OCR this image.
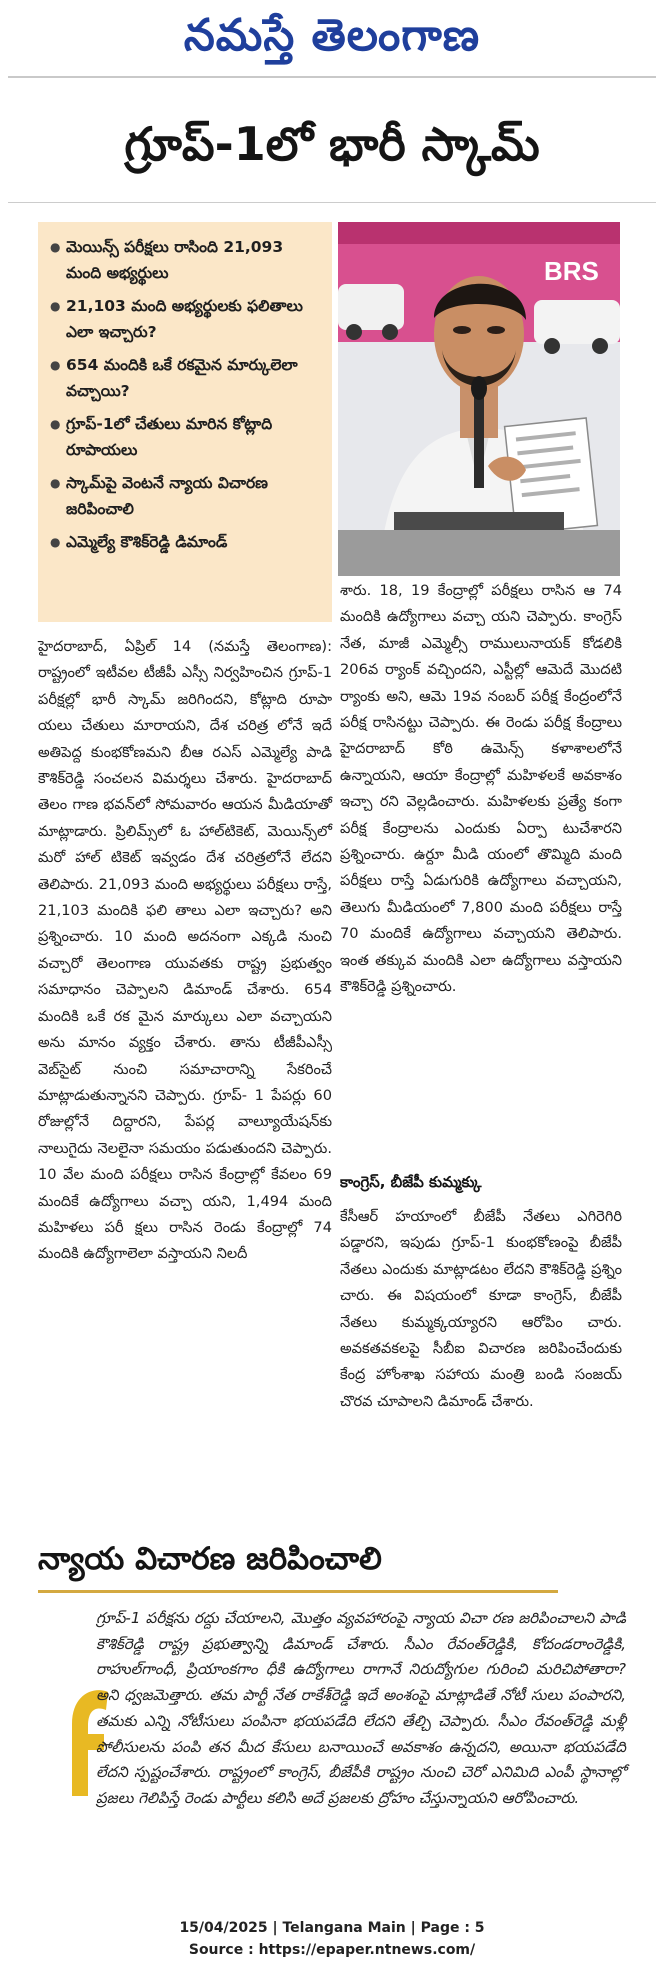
నమస్తే తెలంగాణ
గ్రూప్-1లో భారీ స్కామ్
● మెయిన్స్ పరీక్షలు రాసింది 21,093 మంది అభ్యర్థులు
● 21,103 మంది అభ్యర్థులకు ఫలితాలు ఎలా ఇచ్చారు?
● 654 మందికి ఒకే రకమైన మార్కులెలా వచ్చాయి?
● గ్రూప్-1లో చేతులు మారిన కోట్లాది రూపాయలు
● స్కామ్‌పై వెంటనే న్యాయ విచారణ జరిపించాలి
● ఎమ్మెల్యే కౌశిక్‌రెడ్డి డిమాండ్
BRS

హైదరాబాద్, ఏప్రిల్ 14 (నమస్తే తెలంగాణ): రాష్ట్రంలో ఇటీవల టీజీపీ ఎస్సీ నిర్వహించిన గ్రూప్-1 పరీక్షల్లో భారీ స్కామ్ జరిగిందని, కోట్లాది రూపా యలు చేతులు మారాయని, దేశ చరిత్ర లోనే ఇదే అతిపెద్ద కుంభకోణమని బీఆ రఎస్ ఎమ్మెల్యే పాడి కౌశిక్‌రెడ్డి సంచలన విమర్శలు చేశారు. హైదరాబాద్ తెలం గాణ భవన్‌లో సోమవారం ఆయన మీడియాతో మాట్లాడారు. ప్రిలిమ్స్‌లో ఓ హాల్‌టికెట్, మెయిన్స్‌లో మరో హాల్ టికెట్ ఇవ్వడం దేశ చరిత్రలోనే లేదని తెలిపారు. 21,093 మంది అభ్యర్థులు పరీక్షలు రాస్తే, 21,103 మందికి ఫలి తాలు ఎలా ఇచ్చారు? అని ప్రశ్నించారు. 10 మంది అదనంగా ఎక్కడి నుంచి వచ్చారో తెలంగాణ యువతకు రాష్ట్ర ప్రభుత్వం సమాధానం చెప్పాలని డిమాండ్ చేశారు. 654 మందికి ఒకే రక మైన మార్కులు ఎలా వచ్చాయని అను మానం వ్యక్తం చేశారు. తాను టీజీపీఎస్సీ వెబ్‌సైట్ నుంచి సమాచారాన్ని సేకరించే మాట్లాడుతున్నానని చెప్పారు. గ్రూప్- 1 పేపర్లు 60 రోజుల్లోనే దిద్దారని, పేపర్ల వాల్యూయేషన్‌కు నాలుగైదు నెలలైనా సమయం పడుతుందని చెప్పారు. 10 వేల మంది పరీక్షలు రాసిన కేంద్రాల్లో కేవలం 69 మందికే ఉద్యోగాలు వచ్చా యని, 1,494 మంది మహిళలు పరీ క్షలు రాసిన రెండు కేంద్రాల్లో 74 మందికి ఉద్యోగాలెలా వస్తాయని నిలదీ

శారు. 18, 19 కేంద్రాల్లో పరీక్షలు రాసిన ఆ 74 మందికి ఉద్యోగాలు వచ్చా యని చెప్పారు. కాంగ్రెస్ నేత, మాజీ ఎమ్మెల్సీ రాములునాయక్ కోడలికి 206వ ర్యాంక్ వచ్చిందని, ఎస్టీల్లో ఆమెదే మొదటి ర్యాంకు అని, ఆమె 19వ నంబర్ పరీక్ష కేంద్రంలోనే పరీక్ష రాసినట్టు చెప్పారు. ఈ రెండు పరీక్ష కేంద్రాలు హైదరాబాద్ కోఠి ఉమెన్స్ కళాశాలలోనే ఉన్నాయని, ఆయా కేంద్రాల్లో మహిళలకే అవకాశం ఇచ్చా రని వెల్లడించారు. మహిళలకు ప్రత్యే కంగా పరీక్ష కేంద్రాలను ఎందుకు ఏర్పా టుచేశారని ప్రశ్నించారు. ఉర్దూ మీడి యంలో తొమ్మిది మంది పరీక్షలు రాస్తే ఏడుగురికి ఉద్యోగాలు వచ్చాయని, తెలుగు మీడియంలో 7,800 మంది పరీక్షలు రాస్తే 70 మందికే ఉద్యోగాలు వచ్చాయని తెలిపారు. ఇంత తక్కువ మందికి ఎలా ఉద్యోగాలు వస్తాయని కౌశిక్‌రెడ్డి ప్రశ్నించారు.

కాంగ్రెస్, బీజేపీ కుమ్మక్కు

కేసీఆర్ హయాంలో బీజేపీ నేతలు ఎగిరెగిరి పడ్డారని, ఇపుడు గ్రూప్-1 కుంభకోణంపై బీజేపీ నేతలు ఎందుకు మాట్లాడటం లేదని కౌశిక్‌రెడ్డి ప్రశ్నిం చారు. ఈ విషయంలో కూడా కాంగ్రెస్, బీజేపీ నేతలు కుమ్మక్కయ్యారని ఆరోపిం చారు. అవకతవకలపై సీబీఐ విచారణ జరిపించేందుకు కేంద్ర హోంశాఖ సహాయ మంత్రి బండి సంజయ్ చొరవ చూపాలని డిమాండ్ చేశారు.

న్యాయ విచారణ జరిపించాలి

గ్రూప్-1 పరీక్షను రద్దు చేయాలని, మొత్తం వ్యవహారంపై న్యాయ విచా రణ జరిపించాలని పాడి కౌశిక్‌రెడ్డి రాష్ట్ర ప్రభుత్వాన్ని డిమాండ్ చేశారు. సీఎం రేవంత్‌రెడ్డికి, కోదండరాంరెడ్డికి, రాహుల్‌గాంధీ, ప్రియాంకగాం ధీకి ఉద్యోగాలు రాగానే నిరుద్యోగుల గురించి మరిచిపోతారా? అని ధ్వజమెత్తారు. తమ పార్టీ నేత రాకేశ్‌రెడ్డి ఇదే అంశంపై మాట్లాడితే నోటీ సులు పంపారని, తమకు ఎన్ని నోటీసులు పంపినా భయపడేది లేదని తేల్చి చెప్పారు. సీఎం రేవంత్‌రెడ్డి మళ్లీ పోలీసులను పంపి తన మీద కేసులు బనాయించే అవకాశం ఉన్నదని, అయినా భయపడేది లేదని స్పష్టంచేశారు. రాష్ట్రంలో కాంగ్రెస్, బీజేపీకి రాష్ట్రం నుంచి చెరో ఎనిమిది ఎంపీ స్థానాల్లో ప్రజలు గెలిపిస్తే రెండు పార్టీలు కలిసి అదే ప్రజలకు ద్రోహం చేస్తున్నాయని ఆరోపించారు.

15/04/2025 | Telangana Main | Page : 5
Source : https://epaper.ntnews.com/
